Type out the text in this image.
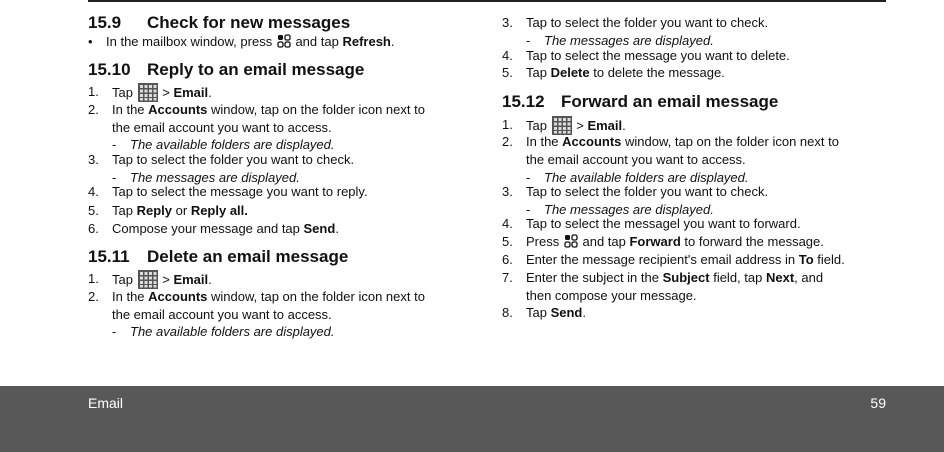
15.9 Check for new messages
• In the mailbox window, press and tap Refresh.
15.10 Reply to an email message
1. Tap > Email.
2. In the Accounts window, tap on the folder icon next to
the email account you want to access.
- The available folders are displayed.
3. Tap to select the folder you want to check.
- The messages are displayed.
4. Tap to select the message you want to reply.
5. Tap Reply or Reply all.
6. Compose your message and tap Send.
15.11 Delete an email message
1. Tap > Email.
2. In the Accounts window, tap on the folder icon next to
the email account you want to access.
- The available folders are displayed.
3. Tap to select the folder you want to check.
- The messages are displayed.
4. Tap to select the message you want to delete.
5. Tap Delete to delete the message.
15.12 Forward an email message
1. Tap > Email.
2. In the Accounts window, tap on the folder icon next to
the email account you want to access.
- The available folders are displayed.
3. Tap to select the folder you want to check.
- The messages are displayed.
4. Tap to select the messagel you want to forward.
5. Press and tap Forward to forward the message.
6. Enter the message recipient's email address in To field.
7. Enter the subject in the Subject field, tap Next, and
then compose your message.
8. Tap Send.
Email	59
